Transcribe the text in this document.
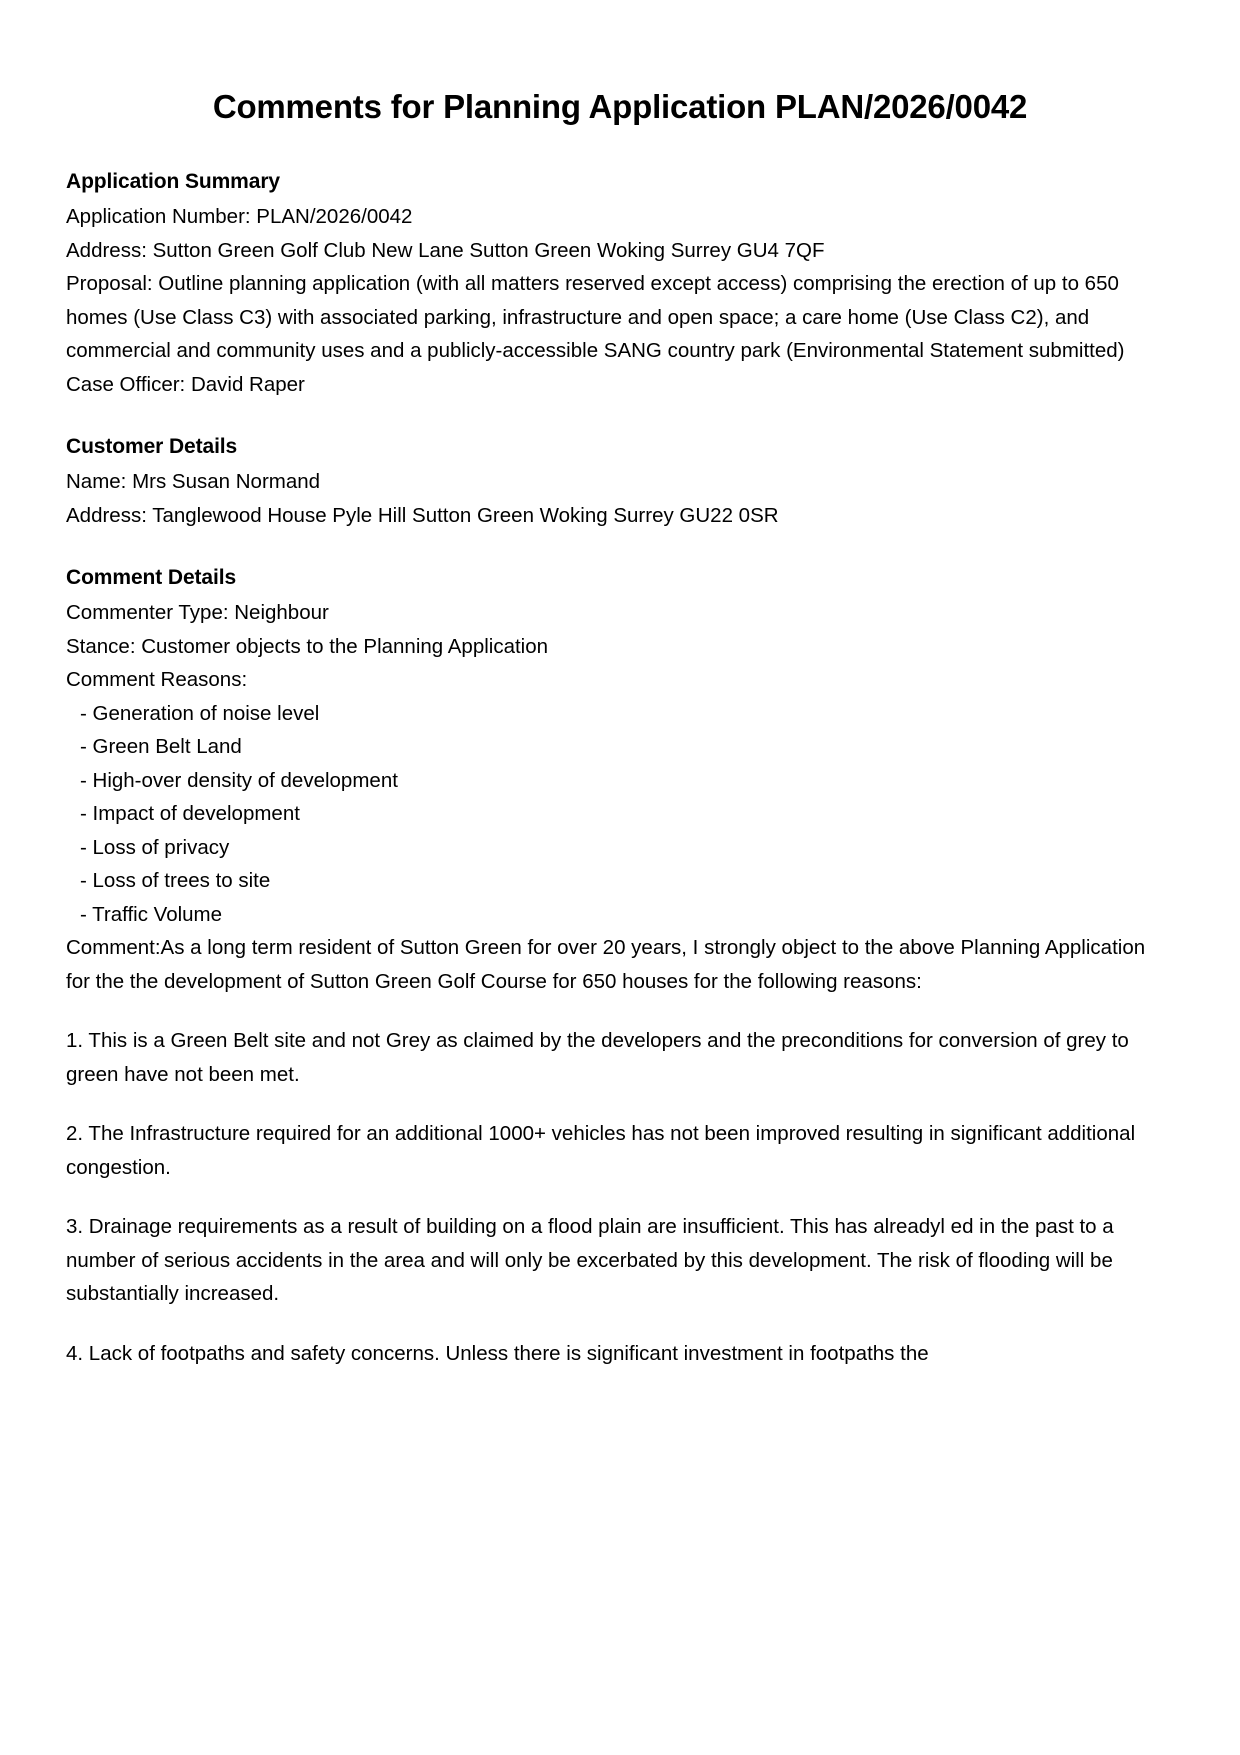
Comments for Planning Application PLAN/2026/0042
Application Summary

Application Number: PLAN/2026/0042

Address: Sutton Green Golf Club New Lane Sutton Green Woking Surrey GU4 7QF

Proposal: Outline planning application (with all matters reserved except access) comprising the erection of up to 650 homes (Use Class C3) with associated parking, infrastructure and open space; a care home (Use Class C2), and commercial and community uses and a publicly-accessible SANG country park (Environmental Statement submitted)

Case Officer: David Raper

Customer Details

Name: Mrs Susan Normand

Address: Tanglewood House Pyle Hill Sutton Green Woking Surrey GU22 0SR

Comment Details

Commenter Type: Neighbour

Stance: Customer objects to the Planning Application

Comment Reasons:

- Generation of noise level
- Green Belt Land
- High-over density of development
- Impact of development
- Loss of privacy
- Loss of trees to site
- Traffic Volume

Comment:As a long term resident of Sutton Green for over 20 years, I strongly object to the above Planning Application for the the development of Sutton Green Golf Course for 650 houses for the following reasons:

1. This is a Green Belt site and not Grey as claimed by the developers and the preconditions for conversion of grey to green have not been met.

2. The Infrastructure required for an additional 1000+ vehicles has not been improved resulting in significant additional congestion.

3. Drainage requirements as a result of building on a flood plain are insufficient. This has alreadyl ed in the past to a number of serious accidents in the area and will only be excerbated by this development. The risk of flooding will be substantially increased.

4. Lack of footpaths and safety concerns. Unless there is significant investment in footpaths the
